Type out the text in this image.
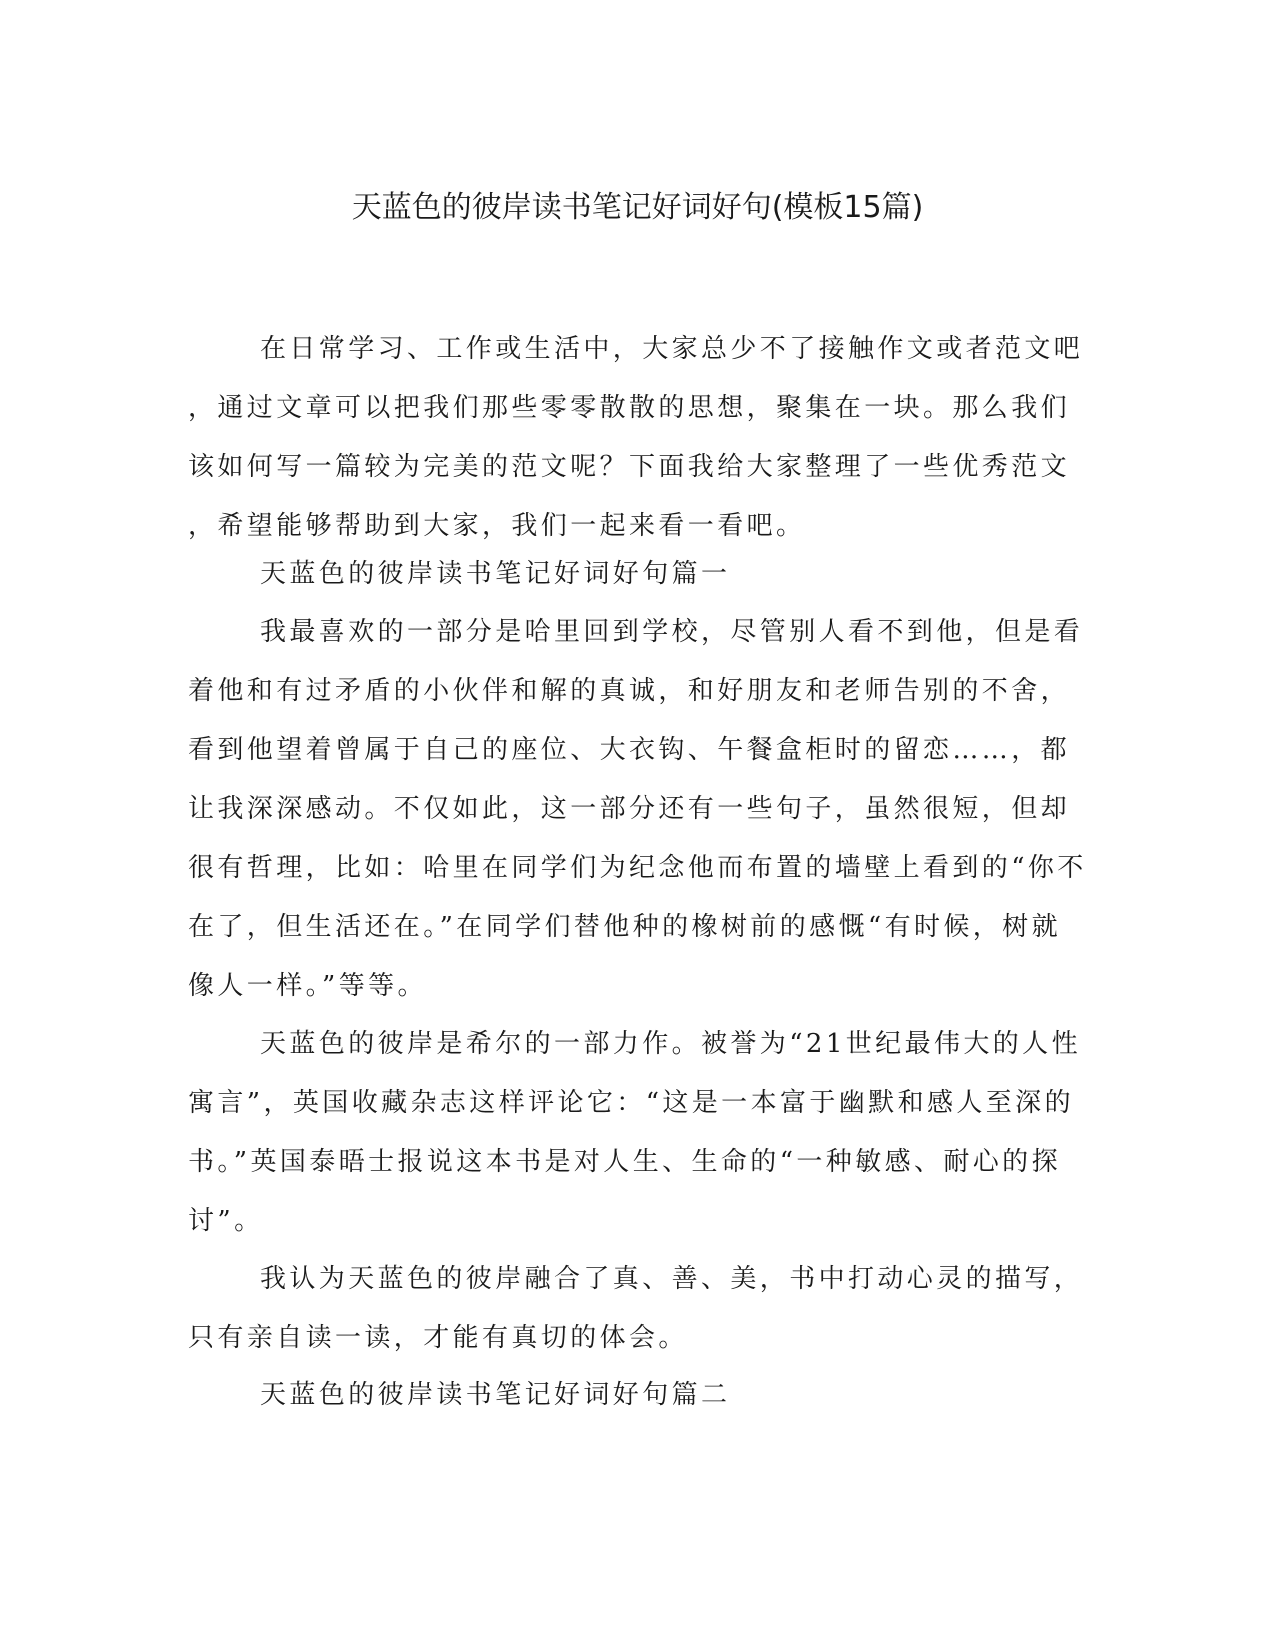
天蓝色的彼岸读书笔记好词好句(模板15篇)

在日常学习、工作或生活中，大家总少不了接触作文或者范文吧
，通过文章可以把我们那些零零散散的思想，聚集在一块。那么我们
该如何写一篇较为完美的范文呢？下面我给大家整理了一些优秀范文
，希望能够帮助到大家，我们一起来看一看吧。

天蓝色的彼岸读书笔记好词好句篇一

我最喜欢的一部分是哈里回到学校，尽管别人看不到他，但是看
着他和有过矛盾的小伙伴和解的真诚，和好朋友和老师告别的不舍，
看到他望着曾属于自己的座位、大衣钩、午餐盒柜时的留恋……，都
让我深深感动。不仅如此，这一部分还有一些句子，虽然很短，但却
很有哲理，比如：哈里在同学们为纪念他而布置的墙壁上看到的“你不
在了，但生活还在。”在同学们替他种的橡树前的感慨“有时候，树就
像人一样。”等等。

天蓝色的彼岸是希尔的一部力作。被誉为“21世纪最伟大的人性
寓言”，英国收藏杂志这样评论它：“这是一本富于幽默和感人至深的
书。”英国泰晤士报说这本书是对人生、生命的“一种敏感、耐心的探
讨”。

我认为天蓝色的彼岸融合了真、善、美，书中打动心灵的描写，
只有亲自读一读，才能有真切的体会。

天蓝色的彼岸读书笔记好词好句篇二
